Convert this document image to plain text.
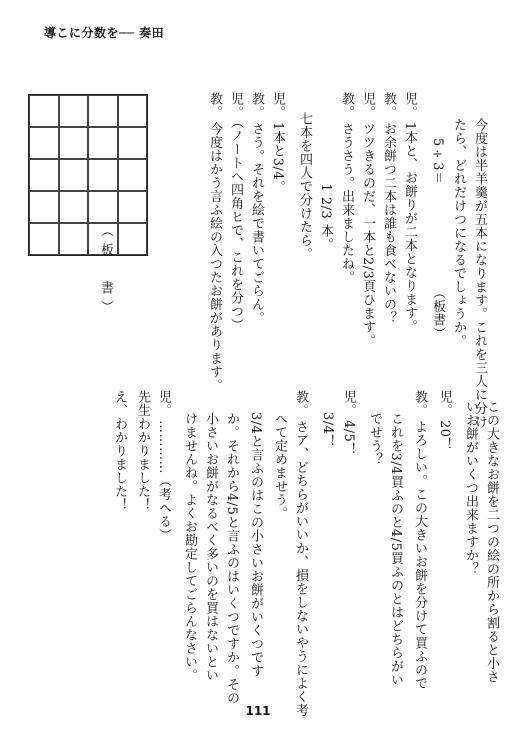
導こに分数を── 奏田
今度は半羊羹が五本になります。これを三人に分け
たら、どれだけつになるでしょうか。
5÷3＝　　　　　　　　（板書）
児。1本と、お餅りが二本となります。
教。お余餅つ二本は誰も食べないの？
児。ツツきるのだ、一本と2/3頁ひます。
教。さうさう。出来ましたね。
　1 2/3 本。
七本を四人で分けたら。
児。1本と3/4。
教。さう。それを絵で書いてごらん。
児。（ノートへ四角ヒで、これを分つ）
教。今度はかう言ふ絵の入つたお餅があります。
（板　書）
この大きなお餅を二つの絵の所から割ると小さ
いお餅がいくつ出来ますか？
児。20！
教。よろしい。この大きいお餅を分けて買ふので
これを3/4買ふのと4/5買ふのとはどちらがい
でせう？
児。4/5！
3/4！
教。さア、どちらがいいか、損をしないやうによく考
へて定めませう。
3/4と言ふのはこの小さいお餅がいくつです
か。それから4/5と言ふのはいくつですか。その
小さいお餅がなるべく多いのを買はないとい
けませんね。よくお勘定してごらんなさい。
児。…………（考へる）
先生わかりました！
え、わかりました！
111
